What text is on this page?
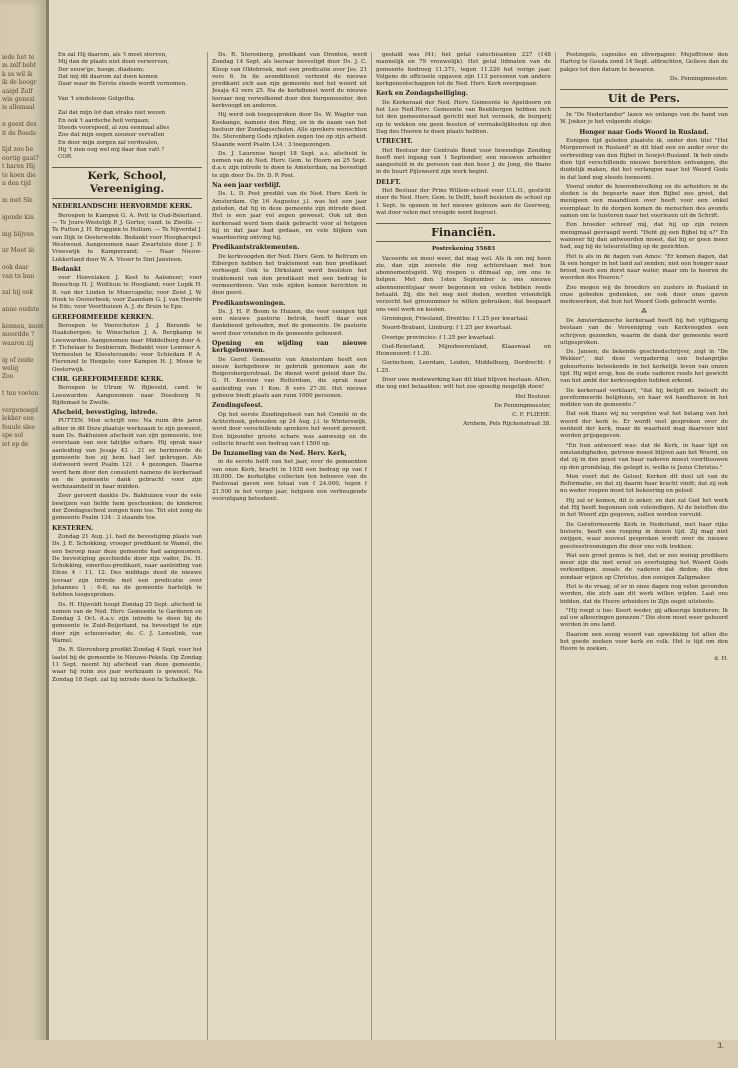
iede het te
m zelf hebt
k as wil ik
ik de boogr
aaigd Zelf
win genezi
is allemaal

n geest des
it de Boeds

lijd zoo be
oortig gaat?
t haren Hij
te koen die
n den tijd

m met Sle

igende kin

ing blijven

ur Moet iii

ook daar
van tn ban

zal hij ook

anne oudste

kennen, moet
moordde ?
waaron zij

ig of zeide
welig
Zoo

t ten voeten

vergenoegd
lekker een
feuule slee
spe sol
iet op de

En zal Hij daarom, als 't moet sterven,
Mij dan de plaats niet doen verwerven,
Der eeuw'ge, hooge, diadeem;
Dat mij dit daarom zal doen komen
Daar waar de Eerste steeds wordt vernomen.

Van 't eindelooze Golgotha.

Zal dat mijn lot dan straks niet wezen
En ook 't aardsche heil vergaan;
Steeds voorspoed, al zou eenmaal alles
Zoo dat mijn oogen zoozeer vervallen
En door mijn zorgen zal verdwalen,
Hij 't zien oog wel mij daar dan vatt ?
COR.
Kerk, School, Vereeniging.

NEDERLANDSCHE HERVORMDE KERK.

Beroepen te Kampen G. A. Pott te Oud-Beierland. — Te Joure-Westelijk P. J. Gorter, cand. te Zwolle. — Te Putten J. H. Bruggink te Hollum. — Te Nijverdal J. van Dijk te Oosterwolde. Bedankt voor Hoogkarspel-Westwoud. Aangenomen naar Zwartsluis door J. F. Vreeswijk te Kamperzand. — Naar Nieuw-Lekkerland door W. A. Visser te Sint Jansteen.

Bedankt

voor Hoevelaken J. Keet te Aalsmeer; voor Benschop H. J. Wolthuis te Hoogland; voor Lopik H. B. van der Linden te Moercapelle; voor Zeist J. W. Hoek te Oosterbeek; voor Zaandam G. J. van Heerde te Ede; voor Voorthuizen A. J. de Bruin te Epe.

GEREFORMEERDE KERKEN.

Beroepen te Voorschoten J. J. Berends te Haaksbergen; te Winschoten J. A. Bergkamp te Leeuwarden. Aangenomen naar Middelburg door A. F. Tichelaar te Sexbierum. Bedankt voor Lemmer A. Vermeulen te Kloosterzande; voor Schiedam P. A. Fierenzel te Hengelo; voor Kampen H. J. Mouw te Oosterwijk.

CHR. GEREFORMEERDE KERK.

Beroepen te Ulrum W. Bijleveld, cand. te Leeuwarden. Aangenomen naar Doesburg N. Bijdemast te Zwolle.

Afscheid, bevestiging, intrede.

PUTTEN. Men schrijft ons: Na ruim drie jaren alhier in dit Deze plaatsje werkzaam te zijn geweest, nam Ds. Bakhuizen afscheid van zijn gemeente, ten overstaan van een talrijke schare. Hij sprak naar aanleiding van Jesaja 42 : 21 en herinnerde de gemeente hoe zij hem had lief gekregen. Als slotwoord werd Psalm 121 : 4 gezongen. Daarna werd hem door den consulent namens de kerkeraad en de gemeente dank gebracht voor zijn werkzaamheid in haar midden.

Zeer geroerd dankte Ds. Bakhuizen voor de vele bewijzen van liefde hem geschonken; de kinderen der Zondagsschool zongen hem toe. Tot slot zong de gemeente Psalm 134 : 3 staande toe.

KESTEREN.

Zondag 21 Aug. j.l. had de bevestiging plaats van Ds. J. E. Schokking, vroeger predikant te Wamel, die een beroep naar deze gemeente had aangenomen. De bevestiging geschiedde door zijn vader, Ds. H. Schokking, emeritus-predikant, naar aanleiding van Efeze 4 : 11, 12. Des middags deed de nieuwe leeraar zijn intrede met een predicatie over Johannes 1 : 6-8, na de gemeente hartelijk te hebben toegesproken.

Ds. H. Hijwoldt hoopt Zondag 25 Sept. afscheid te nemen van de Ned. Herv. Gemeente te Garderen en Zondag 2 Oct. d.a.v. zijn intrede te doen bij de gemeente te Zuid-Beijerland, na bevestigd te zijn door zijn schoonvader, ds. C. J. Lenselink, van Wamel.

Ds. R. Sterenberg predikt Zondag 4 Sept. voor het laatst bij de gemeente te Nieuwe-Pekela. Op Zondag 11 Sept. neemt hij afscheid van deze gemeente, waar hij ruim zes jaar werkzaam is geweest. Na Zondag 18 Sept. zal hij intrede doen te Schalkwijk.

Ds. R. Sterenberg, predikant van Drenten, werd Zondag 14 Sept. als leeraar bevestigd door Ds. J. C. Kloop van Oldebroek, met een predicatie over Jes. 21 vers 6. In de avonddienst verbond de nieuwe predikant zich aan zijn gemeente met het woord uit Jesaja 43 vers 25. Na de kerkdienst werd de nieuwe leeraar nog verwelkomd door den burgemeester, den kerkvoogd en anderen.

Hij werd ook toegesproken door Ds. W. Wagter van Koekange, namens den Ring, en in de naam van het bestuur der Zondagsscholen. Alle sprekers wenschten Ds. Sterenberg Gods rijksten zegen toe op zijn arbeid. Staande werd Psalm 134 : 3 toegezongen.

Ds. J. Laurense hoopt 18 Sept. a.s. afscheid te nemen van de Ned. Herv. Gem. te Hoorn en 25 Sept. d.a.v. zijn intrede te doen te Amsterdam, na bevestigd te zijn door Ds. Dr. D. P. Post.

Na een jaar verblijf.

Ds. L. D. Post predikt van de Ned. Herv. Kerk te Amsterdam. Op 16 Augustus j.l. was het een jaar geleden, dat hij in deze gemeente zijn intrede deed. Het is een jaar vol zegen geweest. Ook uit den kerkeraad werd hem dank gebracht voor al hetgeen hij in dat jaar had gedaan, en vele blijken van waardeering ontving hij.

Predikantstraktementen.

De kerkvoogden der Ned. Herv. Gem. te Beltrum en Eibergen hebben het traktement van hun predikant verhoogd. Ook te Dirksland werd besloten het traktement van den predikant met een bedrag te vermeerderen. Van vele zijden komen berichten in dien geest.

Predikantswoningen.

Ds. J. H. P. Boom te Huizen, die voor eenigen tijd een nieuwe pastorie betrok, heeft daar een dankdienst gehouden, met de gemeente. De pastorie werd door vrienden in de gemeente gebouwd.

Opening en wijding van nieuwe kerkgebouwen.

De Geref. Gemeente van Amsterdam heeft een nieuw kerkgebouw in gebruik genomen aan de Reigersbergerstraat. De dienst werd geleid door Ds. G. H. Kersten van Rotterdam, die sprak naar aanleiding van 1 Kon. 8 vers 27-30. Het nieuwe gebouw biedt plaats aan ruim 1000 personen.

Zendingsfeest.

Op het eerste Zendingsfeest van het Comité in de Achterhoek, gehouden op 24 Aug. j.l. te Winterswijk, werd door verschillende sprekers het woord gevoerd. Een bijzonder groote schare was aanwezig en de collecte bracht een bedrag van f 1500 op.

De Inzameling van de Ned. Herv. Kerk,

in de eerste helft van het jaar, over de gemeenten van onze Kerk, bracht in 1938 een bedrag op van f 38.000. De kerkelijke collecten ten behoeve van de Pastoraal gaven een totaal van f 24.000, tegen f 21.500 in het vorige jaar, hetgeen een verheugende vooruitgang beteekent.

gestald was f41; het getal catechisanten 227 (148 mannelijk en 79 vrouwelijk). Het getal lidmaten van de gemeente bedroeg 11.371, tegen 11.226 het vorige jaar. Volgens de officieele opgaven zijn 113 personen van andere kerkgenootschappen tot de Ned. Herv. Kerk overgegaan.

Kerk en Zondagsheiliging.

De Kerkeraad der Ned. Herv. Gemeente te Apeldoorn en het Leo Ned.Herv. Gemeente van Beekbergen hebben zich tot den gemeenteraad gericht met het verzoek, de burgerij op te wekken om geen feesten of vermakelijkheden op den Dag des Heeren te doen plaats hebben.

UTRECHT.

Het Bestuur der Centrale Bond voor Inwendige Zending heeft met ingang van 1 September, een nieuwen arbeider aangesteld in de persoon van den heer J. de Jong, die thans in de buurt Pijlsweerd zijn werk begint.

DELFT.

Het Bestuur der Prins Willem-school voor U.L.O., gesticht door de Ned. Herv. Gem. te Delft, heeft besloten de school op 1 Sept. te openen in het nieuwe gebouw aan de Geerweg, wat door velen met vreugde werd begroet.

Financiën.

Postrekening 35683

Vaceerde en mooi weer, dat mag wel. Als ik om mij heen zie, dan zijn zoovele die nog achterstaan met hun abonnementsgeld. Wij roepen u ditmaal op, om ons te helpen. Met den 1sten September is ons nieuwe abonnementsjaar weer begonnen en velen hebben reeds betaald. Zij, die het nog niet deden, worden vriendelijk verzocht het gironummer te willen gebruiken; dat bespaart ons veel werk en kosten.

Groningen, Friesland, Drenthe: f 1.25 per kwartaal.

Noord-Brabant, Limburg: f 1.25 per kwartaal.

Overige provincies: f 1.25 per kwartaal.

Oud-Beierland, Mijnsheerenland, Klaaswaal en Heinenoord: f 1.20.

Gorinchem, Leerdam, Leiden, Middelburg, Dordrecht: f 1.25.

Door uwe medewerking kan dit blad blijven bestaan. Allen, die nog niet betaalden: wilt het zoo spoedig mogelijk doen!

Het Bestuur.

De Penningmeester,

C. F. FLIEHE.

Arnhem, Pels Rijckenstraat 38.

Postzegels, capsules en zilverpapier. Mejuffrouw den Hartog te Gouda zond 14 Sept. afdrachten, Gelieve dan de pakjes tot den datum te bewaren.

Ds. Penningmeester.

Uit de Pers.

In "De Nederlander" lazen we onlangs van de hand van W. Josker je het volgende stukje:

Honger naar Gods Woord in Rusland.

Eenigen tijd geleden plaatste ik, onder den titel "Het Morgenrood in Rusland" in dit blad een en ander over de verbreiding van den Bijbel in Sowjet-Rusland. Ik heb sinds dien tijd verschillende nieuwe berichten ontvangen, die duidelijk maken, dat het verlangen naar het Woord Gods in dat land nog steeds toeneemt.

Vooral onder de boerenbevolking en de arbeiders in de steden is de begeerte naar den Bijbel zoo groot, dat menigeen een maandloon over heeft voor een enkel exemplaar. In de dorpen komen de menschen des avonds samen om te luisteren naar het voorlezen uit de Schrift.

Een broeder schreef mij, dat hij op zijn reizen menigmaal gevraagd werd: "Hebt gij een Bijbel bij u?" En wanneer hij dan antwoorden moest, dat hij er geen meer had, zag hij de teleurstelling op de gezichten.

Het is als in de dagen van Amos: "Er komen dagen, dat Ik een honger in het land zal zenden; niet een honger naar brood, noch een dorst naar water, maar om te hooren de woorden des Heeren."

Zoo mogen wij de broeders en zusters in Rusland in onze gebeden gedenken, en ook door onze gaven medewerken, dat hun het Woord Gods gebracht worde.

⁂

De Amsterdamsche kerkeraad heeft bij het vijftigjarig bestaan van de Vereeniging van Kerkvoogden een schrijven gezonden, waarin de dank der gemeente werd uitgesproken.

Ds. Jansen, de bekende geschiedschrijver, zegt in "De Wekker", dat deze vergadering een belangrijke gebeurtenis beteekende in het kerkelijk leven van onzen tijd. Hij wijst erop, hoe de oude vaderen reeds het gewicht van het ambt der kerkvoogden hebben erkend.

De kerkeraad verklaart, "dat hij belijdt en beleeft de gereformeerde belijdenis, en haar wil handhaven in het midden van de gemeente."

Dat ook thans wij nu vergeten wat het belang van het woord der kerk is. Er wordt veel gesproken over de eenheid der kerk, maar de waarheid mag daarvoor niet worden prijsgegeven.

"En hun antwoord was: dat de Kerk, in haar tijd en omstandigheden, getrouw moest blijven aan het Woord, en dat zij in den geest van haar vaderen moest voortbouwen op den grondslag, die gelegd is, welke is Jezus Christus."

Men voert dat de Geloof, Kerken dit deel uit van de Reformatie, en dat zij daarin haar kracht vindt; dat zij ook nu weder roepen moet tot bekeering en geloof.

Hij zal er komen, dit is zeker, en dan zal God het werk dat Hij heeft begonnen ook voleindigen. Al de beloften die in het Woord zijn gegeven, zullen worden vervuld.

De Gereformeerde Kerk in Nederland, met haar rijke historie, heeft een roeping in dezen tijd. Zij mag niet zwijgen, waar zooveel gesproken wordt over de nieuwe geestesstroomingen die door ons volk trekken.

Wat een groot gemis is het, dat er zoo weinig predikers meer zijn die met ernst en overtuiging het Woord Gods verkondigen, zooals de vaderen dat deden; die den zondaar wijzen op Christus, den eenigen Zaligmaker.

Het is de vraag, of er in onze dagen nog velen gevonden worden, die zich aan dit werk willen wijden. Laat ons bidden, dat de Heere arbeiders in Zijn oogst uitstoote.

"Hij roept u toe: Keert weder, gij afkeerige kinderen; Ik zal uw afkeeringen genezen." Die stem moet weer gehoord worden in ons land.

Daarom een eenig woord van opwekking tot allen die het goede zoeken voor kerk en volk. Het is tijd om den Heere te zoeken.

d. H.

3.
